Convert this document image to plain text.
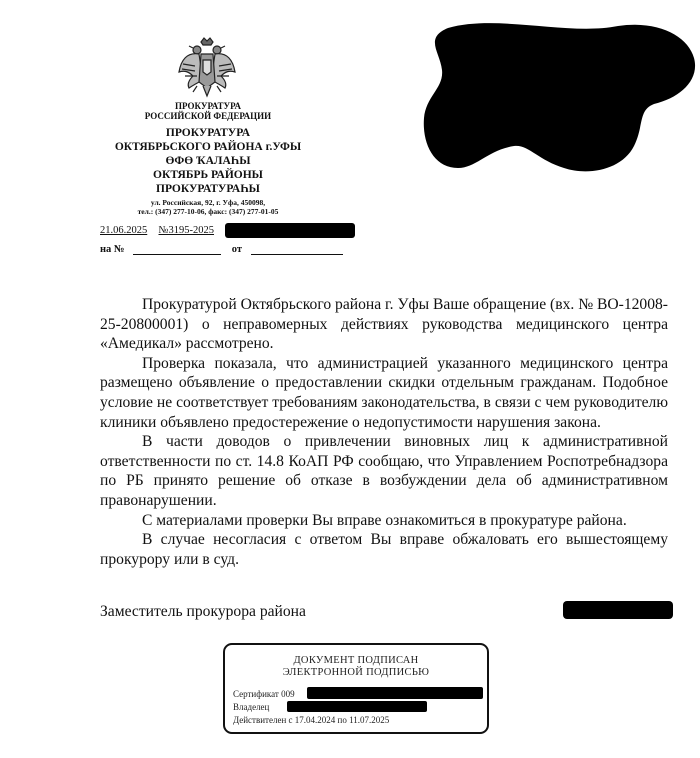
ПРОКУРАТУРА
РОССИЙСКОЙ ФЕДЕРАЦИИ
ПРОКУРАТУРА
ОКТЯБРЬСКОГО РАЙОНА г.УФЫ
ӨФӨ ҠАЛАҺЫ
ОКТЯБРЬ РАЙОНЫ
ПРОКУРАТУРАҺЫ
ул. Российская, 92, г. Уфа, 450098,
тел.: (347) 277-10-06, факс: (347) 277-01-05
21.06.2025 №3195-2025
на №	от

Прокуратурой Октябрьского района г. Уфы Ваше обращение (вх. № ВО-12008-25-20800001) о неправомерных действиях руководства медицинского центра «Амедикал» рассмотрено.

Проверка показала, что администрацией указанного медицинского центра размещено объявление о предоставлении скидки отдельным гражданам. Подобное условие не соответствует требованиям законодательства, в связи с чем руководителю клиники объявлено предостережение о недопустимости нарушения закона.

В части доводов о привлечении виновных лиц к административной ответственности по ст. 14.8 КоАП РФ сообщаю, что Управлением Роспотребнадзора по РБ принято решение об отказе в возбуждении дела об административном правонарушении.

С материалами проверки Вы вправе ознакомиться в прокуратуре района.

В случае несогласия с ответом Вы вправе обжаловать его вышестоящему прокурору или в суд.

Заместитель прокурора района
ДОКУМЕНТ ПОДПИСАН
ЭЛЕКТРОННОЙ ПОДПИСЬЮ
Сертификат 009
Владелец
Действителен с 17.04.2024 по 11.07.2025
